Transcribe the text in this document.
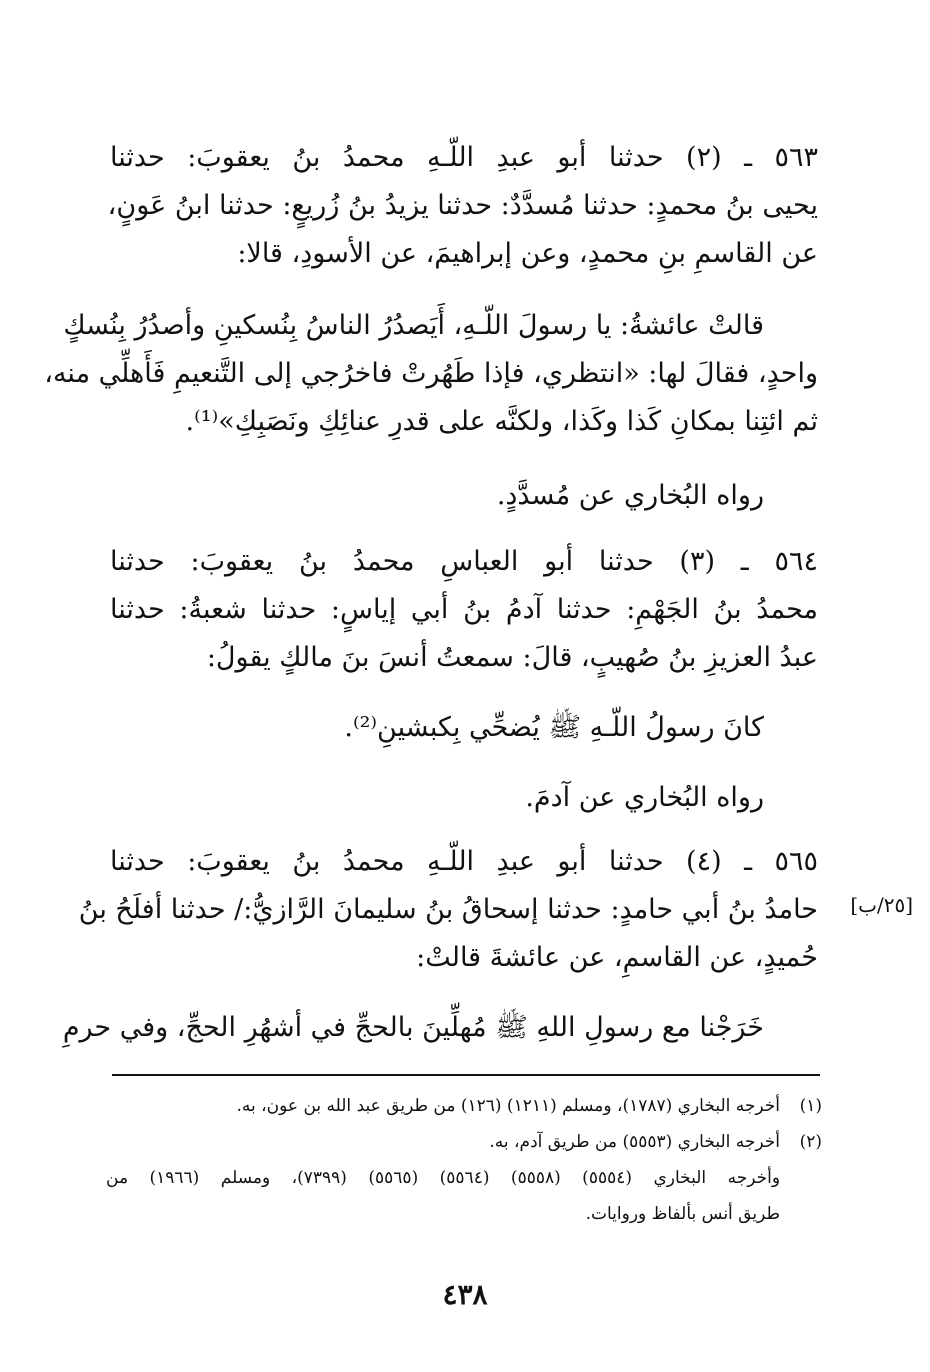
٥٦٣ ـ (٢) حدثنا أبو عبدِ اللّـهِ محمدُ بنُ يعقوبَ: حدثنا
يحيى بنُ محمدٍ: حدثنا مُسدَّدٌ: حدثنا يزيدُ بنُ زُريعٍ: حدثنا ابنُ عَونٍ،
عن القاسمِ بنِ محمدٍ، وعن إبراهيمَ، عن الأسودِ، قالا:
قالتْ عائشةُ: يا رسولَ اللّـهِ، أَيَصدُرُ الناسُ بِنُسكينِ وأصدُرُ بِنُسكٍ
واحدٍ، فقالَ لها: «انتظري، فإذا طَهُرتْ فاخرُجي إلى التَّنعيمِ فَأَهلِّي منه،
ثم ائتِنا بمكانِ كَذا وكَذا، ولكنَّه على قدرِ عنائِكِ ونَصَبِكِ»⁽¹⁾.
رواه البُخاري عن مُسدَّدٍ.
٥٦٤ ـ (٣) حدثنا أبو العباسِ محمدُ بنُ يعقوبَ: حدثنا
محمدُ بنُ الجَهْمِ: حدثنا آدمُ بنُ أبي إياسٍ: حدثنا شعبةُ: حدثنا
عبدُ العزيزِ بنُ صُهيبٍ، قالَ: سمعتُ أنسَ بنَ مالكٍ يقولُ:
كانَ رسولُ اللّـهِ ﷺ يُضحِّي بِكبشينِ⁽²⁾.
رواه البُخاري عن آدمَ.
٥٦٥ ـ (٤) حدثنا أبو عبدِ اللّـهِ محمدُ بنُ يعقوبَ: حدثنا
حامدُ بنُ أبي حامدٍ: حدثنا إسحاقُ بنُ سليمانَ الرَّازيُّ:/ حدثنا أفلَحُ بنُ
حُميدٍ، عن القاسمِ، عن عائشةَ قالتْ:
[٢٥/ب]
خَرَجْنا مع رسولِ اللهِ ﷺ مُهلِّينَ بالحجِّ في أشهُرِ الحجِّ، وفي حرمِ
(١)أخرجه البخاري (١٧٨٧)، ومسلم (١٢١١) (١٢٦) من طريق عبد الله بن عون، به.
(٢)أخرجه البخاري (٥٥٥٣) من طريق آدم، به.
وأخرجه البخاري (٥٥٥٤) (٥٥٥٨) (٥٥٦٤) (٥٥٦٥) (٧٣٩٩)، ومسلم (١٩٦٦) من
طريق أنس بألفاظ وروايات.
٤٣٨
